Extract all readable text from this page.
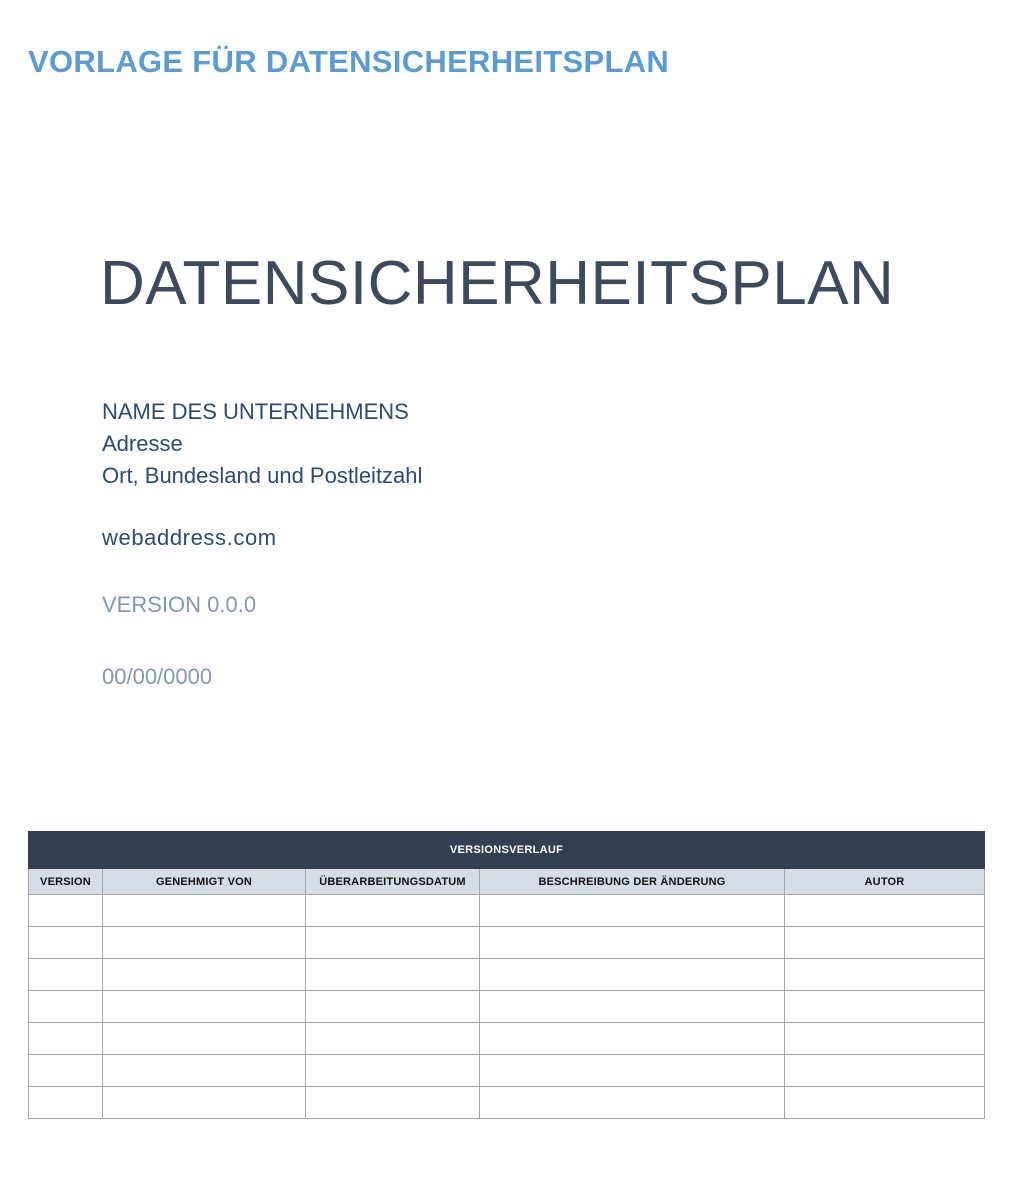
VORLAGE FÜR DATENSICHERHEITSPLAN
DATENSICHERHEITSPLAN
NAME DES UNTERNEHMENS
Adresse
Ort, Bundesland und Postleitzahl
webaddress.com
VERSION 0.0.0
00/00/0000
VERSIONSVERLAUF				
VERSION	GENEHMIGT VON	ÜBERARBEITUNGSDATUM	BESCHREIBUNG DER ÄNDERUNG	AUTOR
